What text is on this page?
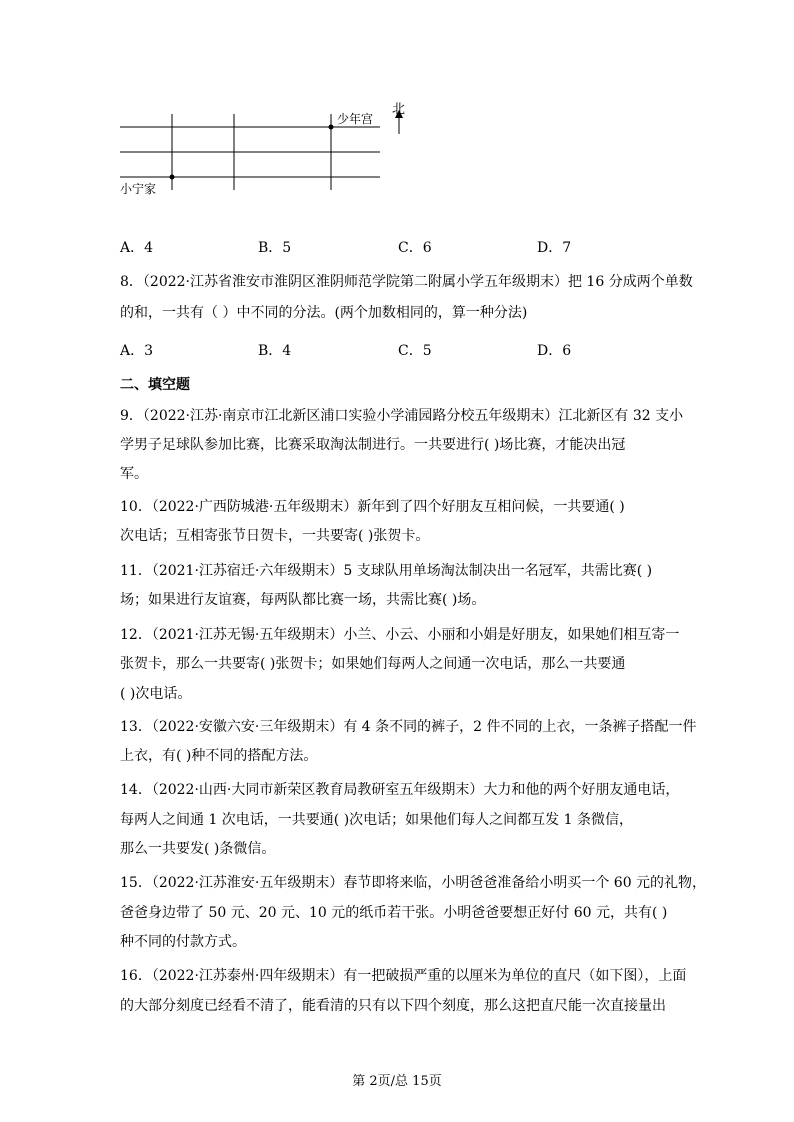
少年宫
小宁家
北
A．4	B．5	C．6	D．7
8．（2022·江苏省淮安市淮阴区淮阴师范学院第二附属小学五年级期末）把 16 分成两个单数
的和，一共有（ ）中不同的分法。(两个加数相同的，算一种分法)
A．3	B．4	C．5	D．6
二、填空题
9．（2022·江苏·南京市江北新区浦口实验小学浦园路分校五年级期末）江北新区有 32 支小
学男子足球队参加比赛，比赛采取淘汰制进行。一共要进行( )场比赛，才能决出冠
军。
10．（2022·广西防城港·五年级期末）新年到了四个好朋友互相问候，一共要通( )
次电话；互相寄张节日贺卡，一共要寄( )张贺卡。
11．（2021·江苏宿迁·六年级期末）5 支球队用单场淘汰制决出一名冠军，共需比赛( )
场；如果进行友谊赛，每两队都比赛一场，共需比赛( )场。
12．（2021·江苏无锡·五年级期末）小兰、小云、小丽和小娟是好朋友，如果她们相互寄一
张贺卡，那么一共要寄( )张贺卡；如果她们每两人之间通一次电话，那么一共要通
( )次电话。
13．（2022·安徽六安·三年级期末）有 4 条不同的裤子，2 件不同的上衣，一条裤子搭配一件
上衣，有( )种不同的搭配方法。
14．（2022·山西·大同市新荣区教育局教研室五年级期末）大力和他的两个好朋友通电话，
每两人之间通 1 次电话，一共要通( )次电话；如果他们每人之间都互发 1 条微信，
那么一共要发( )条微信。
15．（2022·江苏淮安·五年级期末）春节即将来临，小明爸爸准备给小明买一个 60 元的礼物，
爸爸身边带了 50 元、20 元、10 元的纸币若干张。小明爸爸要想正好付 60 元，共有( )
种不同的付款方式。
16．（2022·江苏泰州·四年级期末）有一把破损严重的以厘米为单位的直尺（如下图），上面
的大部分刻度已经看不清了，能看清的只有以下四个刻度，那么这把直尺能一次直接量出
第 2页/总 15页
